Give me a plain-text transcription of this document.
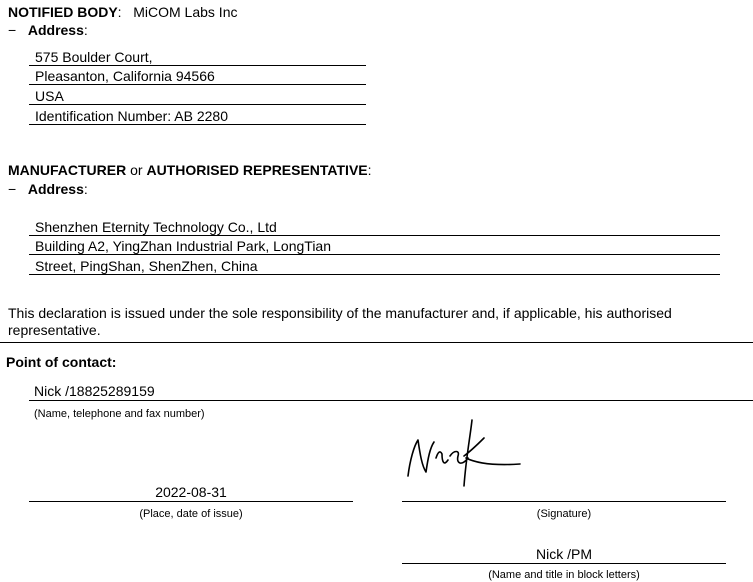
NOTIFIED BODY: MiCOM Labs Inc
− Address:
575 Boulder Court,
Pleasanton, California 94566
USA
Identification Number: AB 2280
MANUFACTURER or AUTHORISED REPRESENTATIVE:
− Address:
Shenzhen Eternity Technology Co., Ltd
Building A2, YingZhan Industrial Park, LongTian
Street, PingShan, ShenZhen, China
This declaration is issued under the sole responsibility of the manufacturer and, if applicable, his authorised
representative.
Point of contact:
Nick /18825289159
(Name, telephone and fax number)	Nick
2022-08-31
(Place, date of issue)	(Signature)
Nick /PM
(Name and title in block letters)
